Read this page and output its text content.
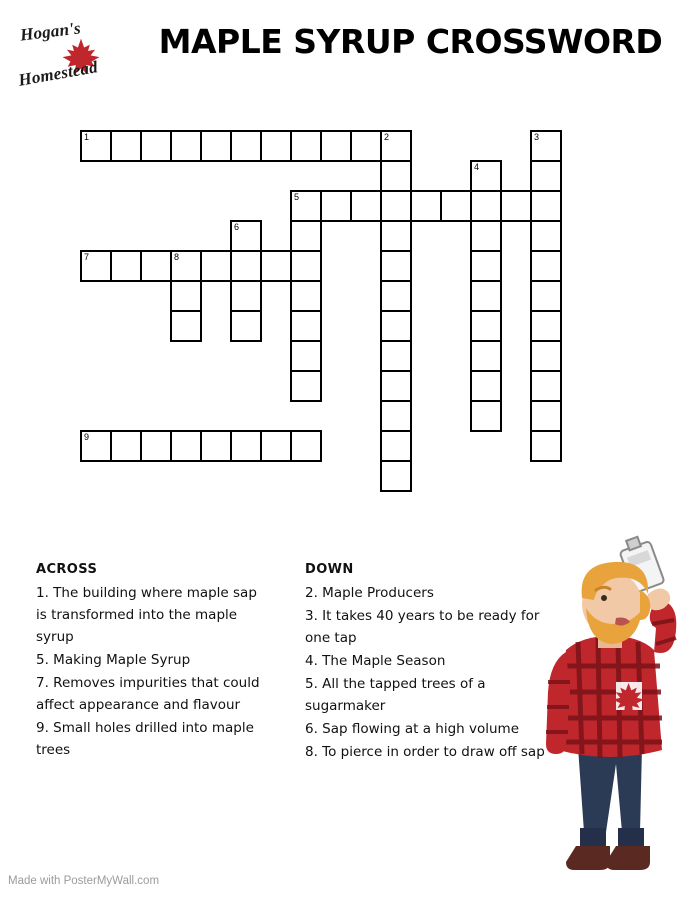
Hogan's
Homestead
MAPLE SYRUP CROSSWORD
1	2	3
4
5
6
7	8
9
ACROSS
1. The building where maple sap is transformed into the maple syrup
5. Making Maple Syrup
7. Removes impurities that could affect appearance and flavour
9. Small holes drilled into maple trees
DOWN
2. Maple Producers
3. It takes 40 years to be ready for one tap
4. The Maple Season
5. All the tapped trees of a sugarmaker
6. Sap flowing at a high volume
8. To pierce in order to draw off sap
Made with PosterMyWall.com
